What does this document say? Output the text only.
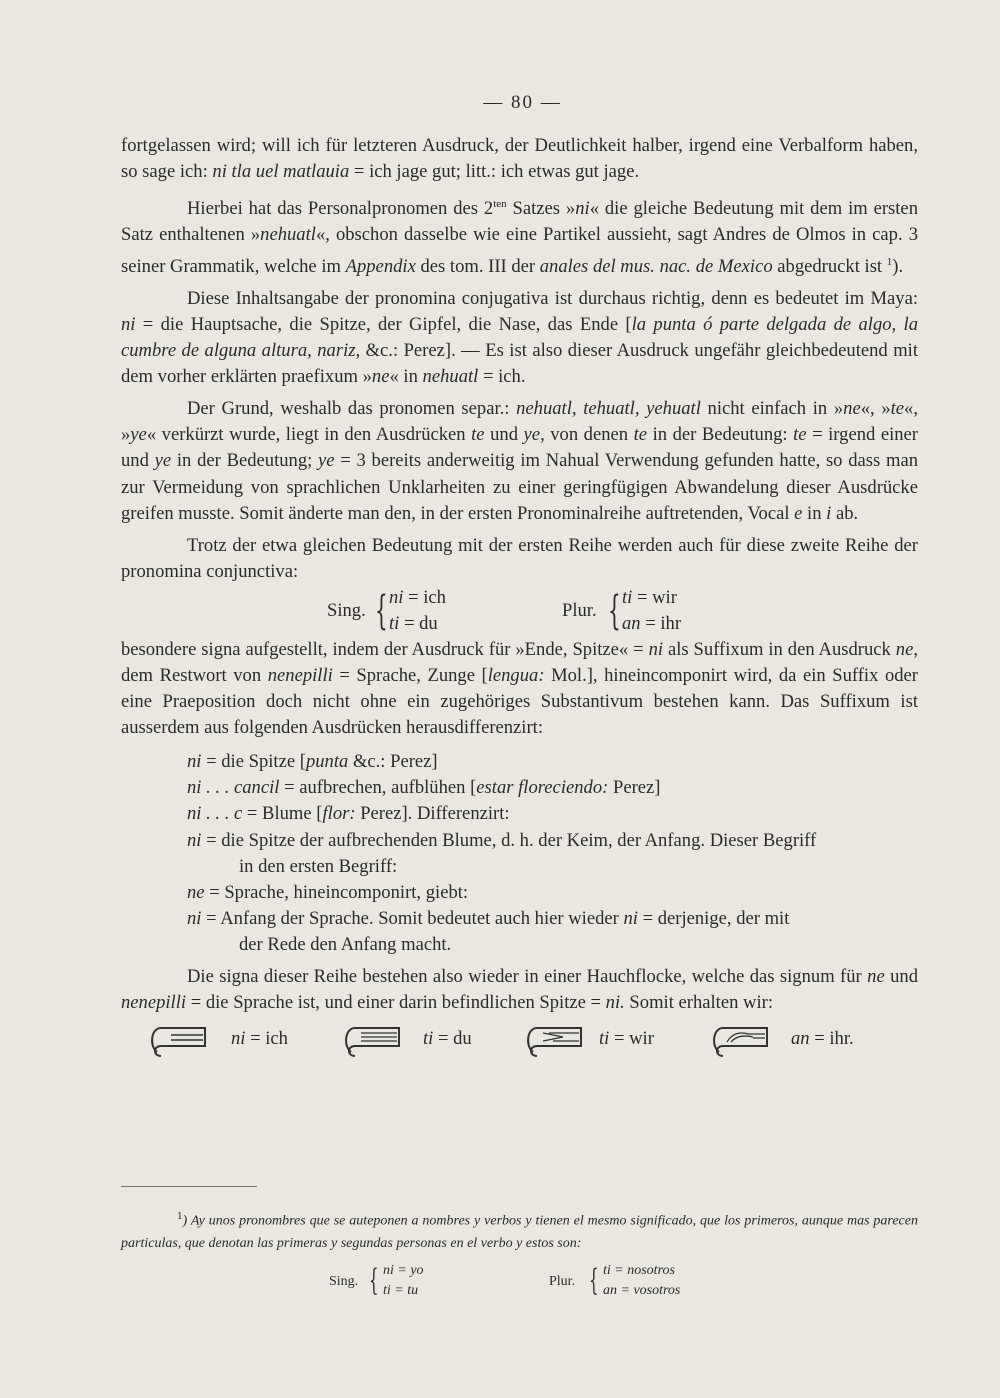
— 80 —

fortgelassen wird; will ich für letzteren Ausdruck, der Deutlichkeit halber, irgend eine Verbalform haben, so sage ich: ni tla uel matlauia = ich jage gut; litt.: ich etwas gut jage.

Hierbei hat das Personalpronomen des $2^{ten}$ Satzes »ni« die gleiche Bedeutung mit dem im ersten Satz enthaltenen »nehuatl«, obschon dasselbe wie eine Partikel aussieht, sagt Andres de Olmos in cap. 3 seiner Grammatik, welche im Appendix des tom. III der anales del mus. nac. de Mexico abgedruckt ist $^1$).

Diese Inhaltsangabe der pronomina conjugativa ist durchaus richtig, denn es bedeutet im Maya: ni = die Hauptsache, die Spitze, der Gipfel, die Nase, das Ende [la punta ó parte delgada de algo, la cumbre de alguna altura, nariz, &c.: Perez]. — Es ist also dieser Ausdruck ungefähr gleichbedeutend mit dem vorher erklärten praefixum »ne« in nehuatl = ich.

Der Grund, weshalb das pronomen separ.: nehuatl, tehuatl, yehuatl nicht einfach in »ne«, »te«, »ye« verkürzt wurde, liegt in den Ausdrücken te und ye, von denen te in der Bedeutung: te = irgend einer und ye in der Bedeutung; ye = 3 bereits anderweitig im Nahual Verwendung gefunden hatte, so dass man zur Vermeidung von sprachlichen Unklarheiten zu einer geringfügigen Abwandelung dieser Ausdrücke greifen musste. Somit änderte man den, in der ersten Pronominalreihe auftretenden, Vocal e in i ab.

Trotz der etwa gleichen Bedeutung mit der ersten Reihe werden auch für diese zweite Reihe der pronomina conjunctiva:

Sing. { ni = ich
ti = du
Plur. { ti = wir
an = ihr

besondere signa aufgestellt, indem der Ausdruck für »Ende, Spitze« = ni als Suffixum in den Ausdruck ne, dem Restwort von nenepilli = Sprache, Zunge [lengua: Mol.], hineincomponirt wird, da ein Suffix oder eine Praeposition doch nicht ohne ein zugehöriges Substantivum bestehen kann. Das Suffixum ist ausserdem aus folgenden Ausdrücken herausdifferenzirt:

ni = die Spitze [punta &c.: Perez]
ni . . . cancil = aufbrechen, aufblühen [estar floreciendo: Perez]
ni . . . c = Blume [flor: Perez]. Differenzirt:
ni = die Spitze der aufbrechenden Blume, d. h. der Keim, der Anfang. Dieser Begriff
in den ersten Begriff:
ne = Sprache, hineincomponirt, giebt:
ni = Anfang der Sprache. Somit bedeutet auch hier wieder ni = derjenige, der mit
der Rede den Anfang macht.

Die signa dieser Reihe bestehen also wieder in einer Hauchflocke, welche das signum für ne und nenepilli = die Sprache ist, und einer darin befindlichen Spitze = ni. Somit erhalten wir:

ni = ich	ti = du	ti = wir	an = ihr.

$^1$) Ay unos pronombres que se auteponen a nombres y verbos y tienen el mesmo significado, que los primeros, aunque mas parecen particulas, que denotan las primeras y segundas personas en el verbo y estos son:

Sing. { ni = yo
ti = tu
Plur. { ti = nosotros
an = vosotros
